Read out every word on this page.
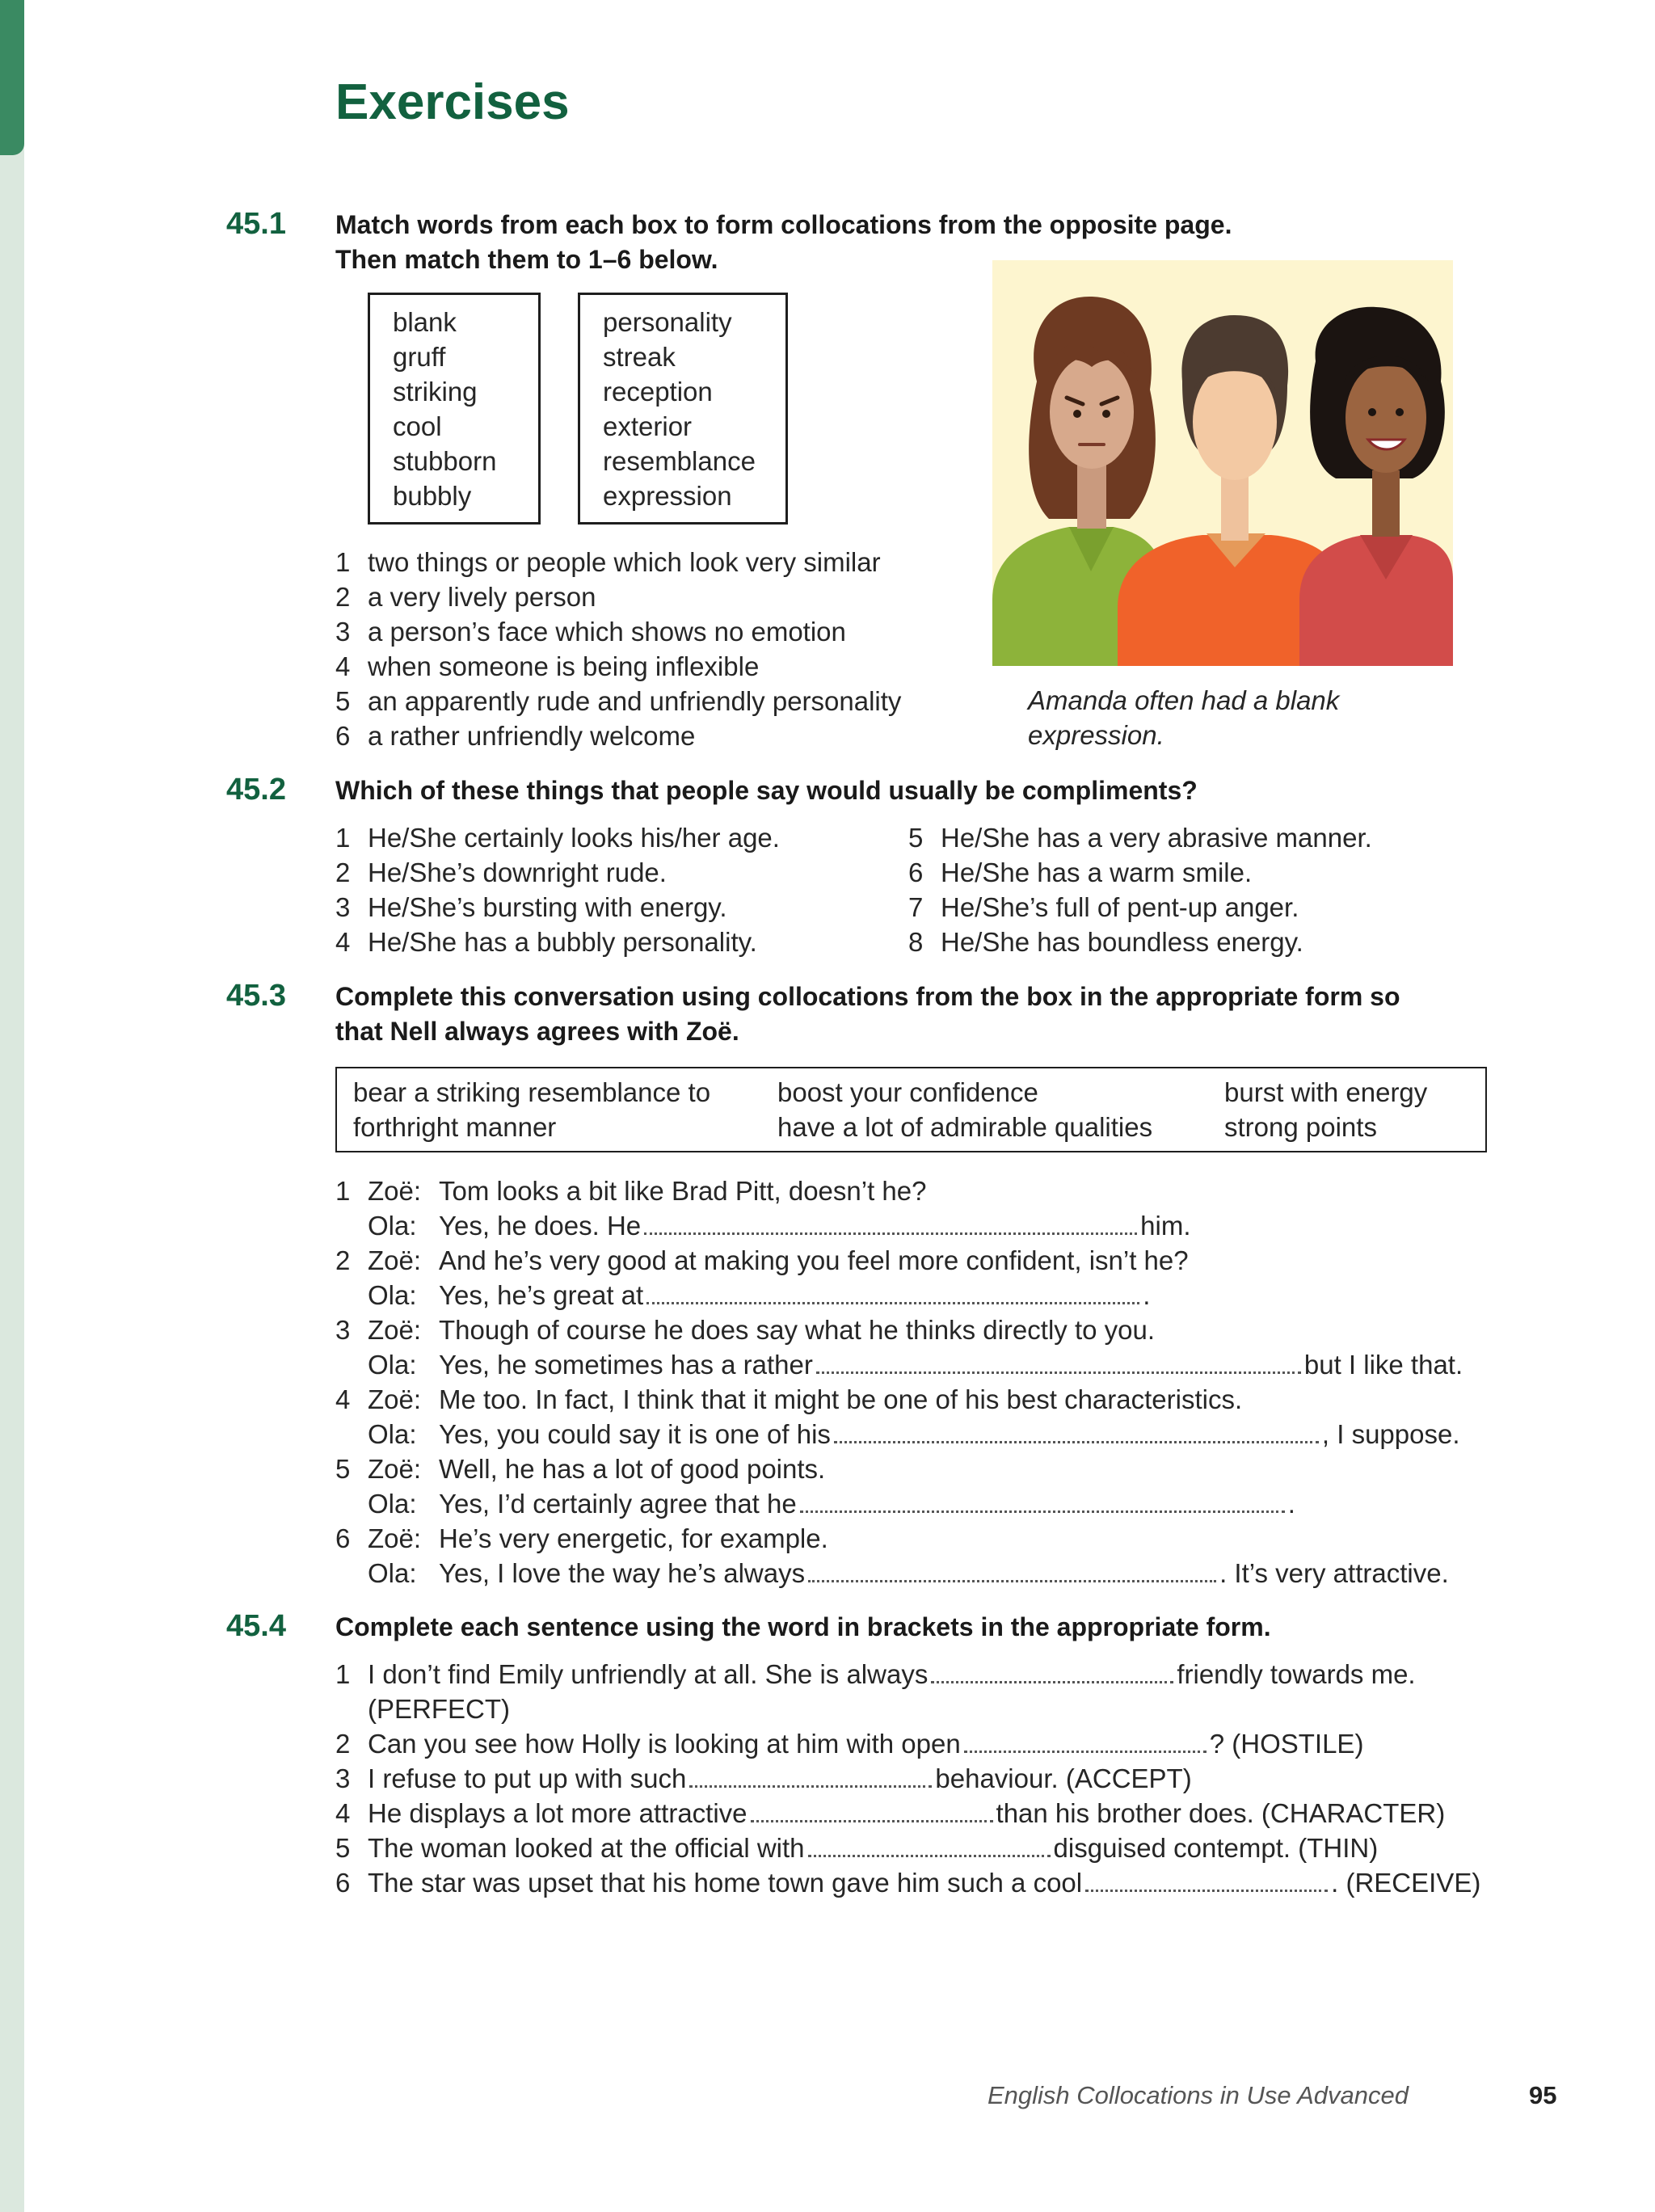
Exercises
45.1 Match words from each box to form collocations from the opposite page.
Then match them to 1–6 below.
blank
gruff
striking
cool
stubborn
bubbly
personality
streak
reception
exterior
resemblance
expression
1 two things or people which look very similar
2 a very lively person
3 a person’s face which shows no emotion
4 when someone is being inflexible
5 an apparently rude and unfriendly personality
6 a rather unfriendly welcome
Amanda often had a blank
expression.
45.2 Which of these things that people say would usually be compliments?
1 He/She certainly looks his/her age.
2 He/She’s downright rude.
3 He/She’s bursting with energy.
4 He/She has a bubbly personality.
5 He/She has a very abrasive manner.
6 He/She has a warm smile.
7 He/She’s full of pent-up anger.
8 He/She has boundless energy.
45.3 Complete this conversation using collocations from the box in the appropriate form so
that Nell always agrees with Zoë.
bear a striking resemblance to	boost your confidence	burst with energy
forthright manner	have a lot of admirable qualities	strong points
1 Zoë: Tom looks a bit like Brad Pitt, doesn’t he?
Ola: Yes, he does. He	him.
2 Zoë: And he’s very good at making you feel more confident, isn’t he?
Ola: Yes, he’s great at	.
3 Zoë: Though of course he does say what he thinks directly to you.
Ola: Yes, he sometimes has a rather	but I like that.
4 Zoë: Me too. In fact, I think that it might be one of his best characteristics.
Ola: Yes, you could say it is one of his	, I suppose.
5 Zoë: Well, he has a lot of good points.
Ola: Yes, I’d certainly agree that he	.
6 Zoë: He’s very energetic, for example.
Ola: Yes, I love the way he’s always	. It’s very attractive.
45.4 Complete each sentence using the word in brackets in the appropriate form.
1 I don’t find Emily unfriendly at all. She is always	friendly towards me.
(PERFECT)
2 Can you see how Holly is looking at him with open	?
(HOSTILE)
3 I refuse to put up with such	behaviour.
(ACCEPT)
4 He displays a lot more attractive	than his brother does.
(CHARACTER)
5 The woman looked at the official with	disguised contempt.
(THIN)
6 The star was upset that his home town gave him such a cool	.
(RECEIVE)
English Collocations in Use Advanced	95
